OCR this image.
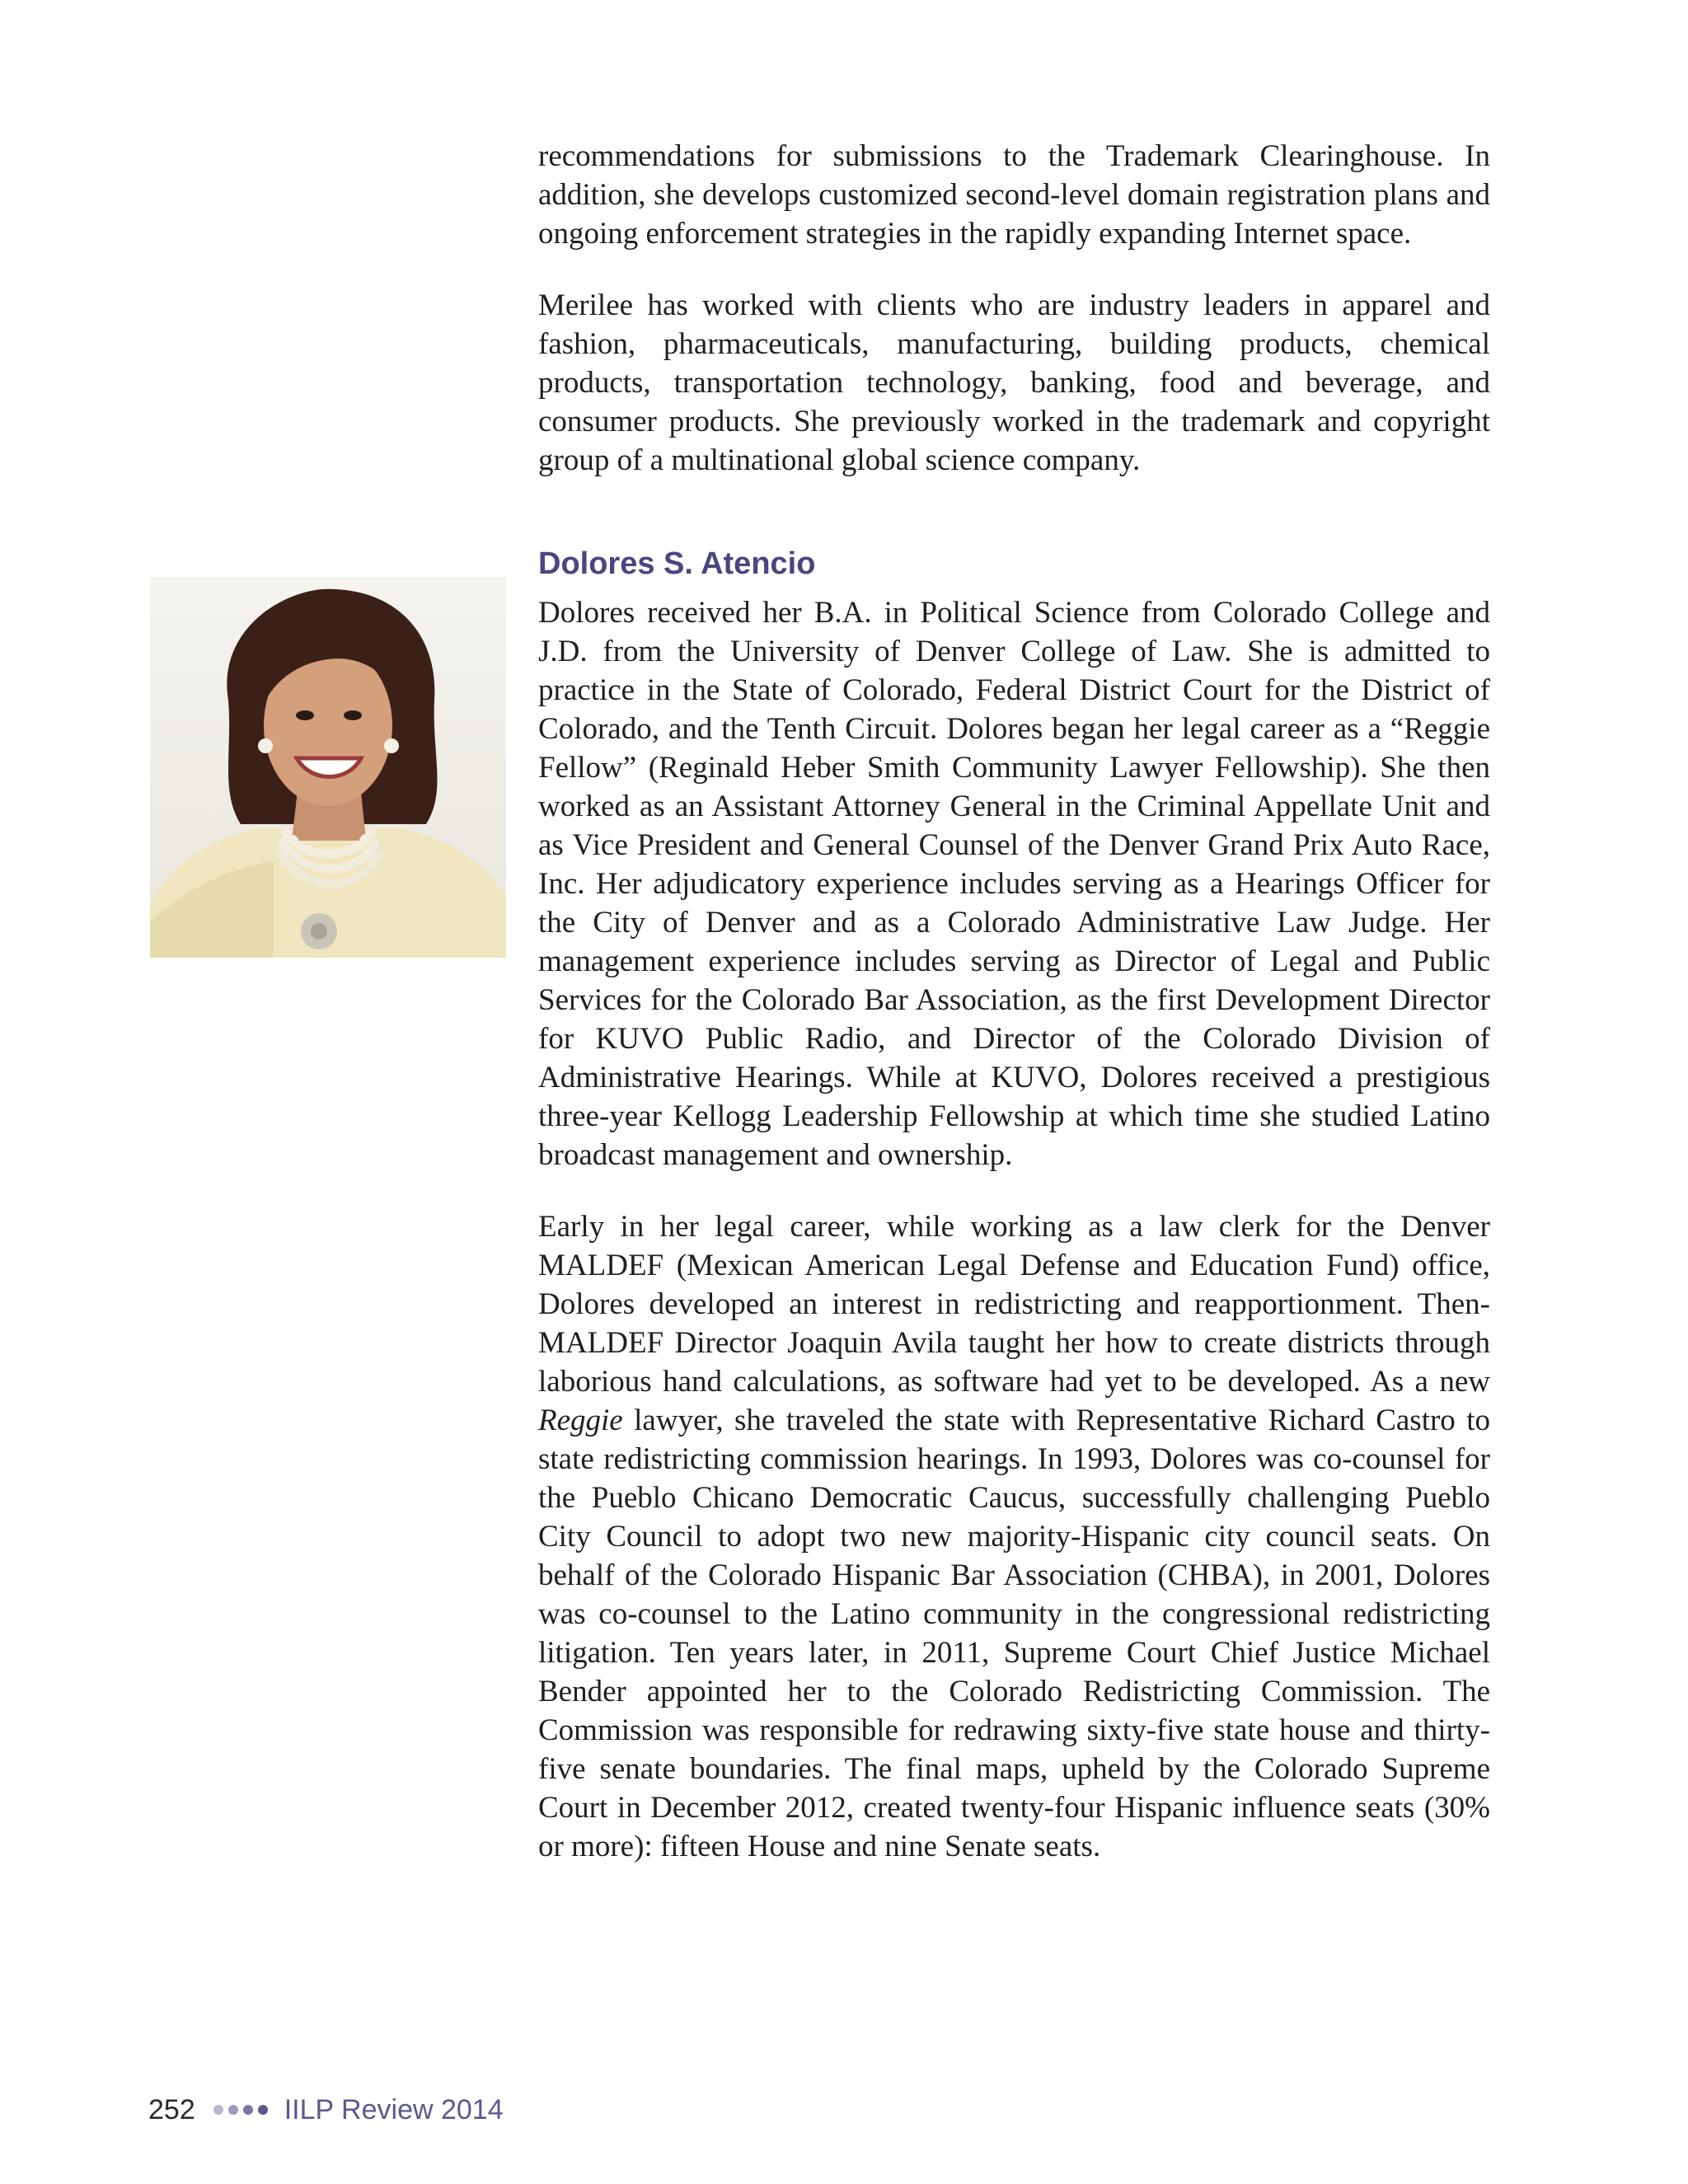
recommendations for submissions to the Trademark Clearinghouse. In addition, she develops customized second-level domain registration plans and ongoing enforcement strategies in the rapidly expanding Internet space.

Merilee has worked with clients who are industry leaders in apparel and fashion, pharmaceuticals, manufacturing, building products, chemical products, transportation technology, banking, food and beverage, and consumer products. She previously worked in the trademark and copyright group of a multinational global science company.

Dolores S. Atencio

Dolores received her B.A. in Political Science from Colorado College and J.D. from the University of Denver College of Law. She is admitted to practice in the State of Colorado, Federal District Court for the District of Colorado, and the Tenth Circuit. Dolores began her legal career as a “Reggie Fellow” (Reginald Heber Smith Community Lawyer Fellowship). She then worked as an Assistant Attorney General in the Criminal Appellate Unit and as Vice President and General Counsel of the Denver Grand Prix Auto Race, Inc. Her adjudicatory experience includes serving as a Hearings Officer for the City of Denver and as a Colorado Administrative Law Judge. Her management experience includes serving as Director of Legal and Public Services for the Colorado Bar Association, as the first Development Director for KUVO Public Radio, and Director of the Colorado Division of Administrative Hearings. While at KUVO, Dolores received a prestigious three-year Kellogg Leadership Fellowship at which time she studied Latino broadcast management and ownership.

Early in her legal career, while working as a law clerk for the Denver MALDEF (Mexican American Legal Defense and Education Fund) office, Dolores developed an interest in redistricting and reapportionment. Then-MALDEF Director Joaquin Avila taught her how to create districts through laborious hand calculations, as software had yet to be developed. As a new Reggie lawyer, she traveled the state with Representative Richard Castro to state redistricting commission hearings. In 1993, Dolores was co-counsel for the Pueblo Chicano Democratic Caucus, successfully challenging Pueblo City Council to adopt two new majority-Hispanic city council seats. On behalf of the Colorado Hispanic Bar Association (CHBA), in 2001, Dolores was co-counsel to the Latino community in the congressional redistricting litigation. Ten years later, in 2011, Supreme Court Chief Justice Michael Bender appointed her to the Colorado Redistricting Commission. The Commission was responsible for redrawing sixty-five state house and thirty-five senate boundaries. The final maps, upheld by the Colorado Supreme Court in December 2012, created twenty-four Hispanic influence seats (30% or more): fifteen House and nine Senate seats.

252	IILP Review 2014
